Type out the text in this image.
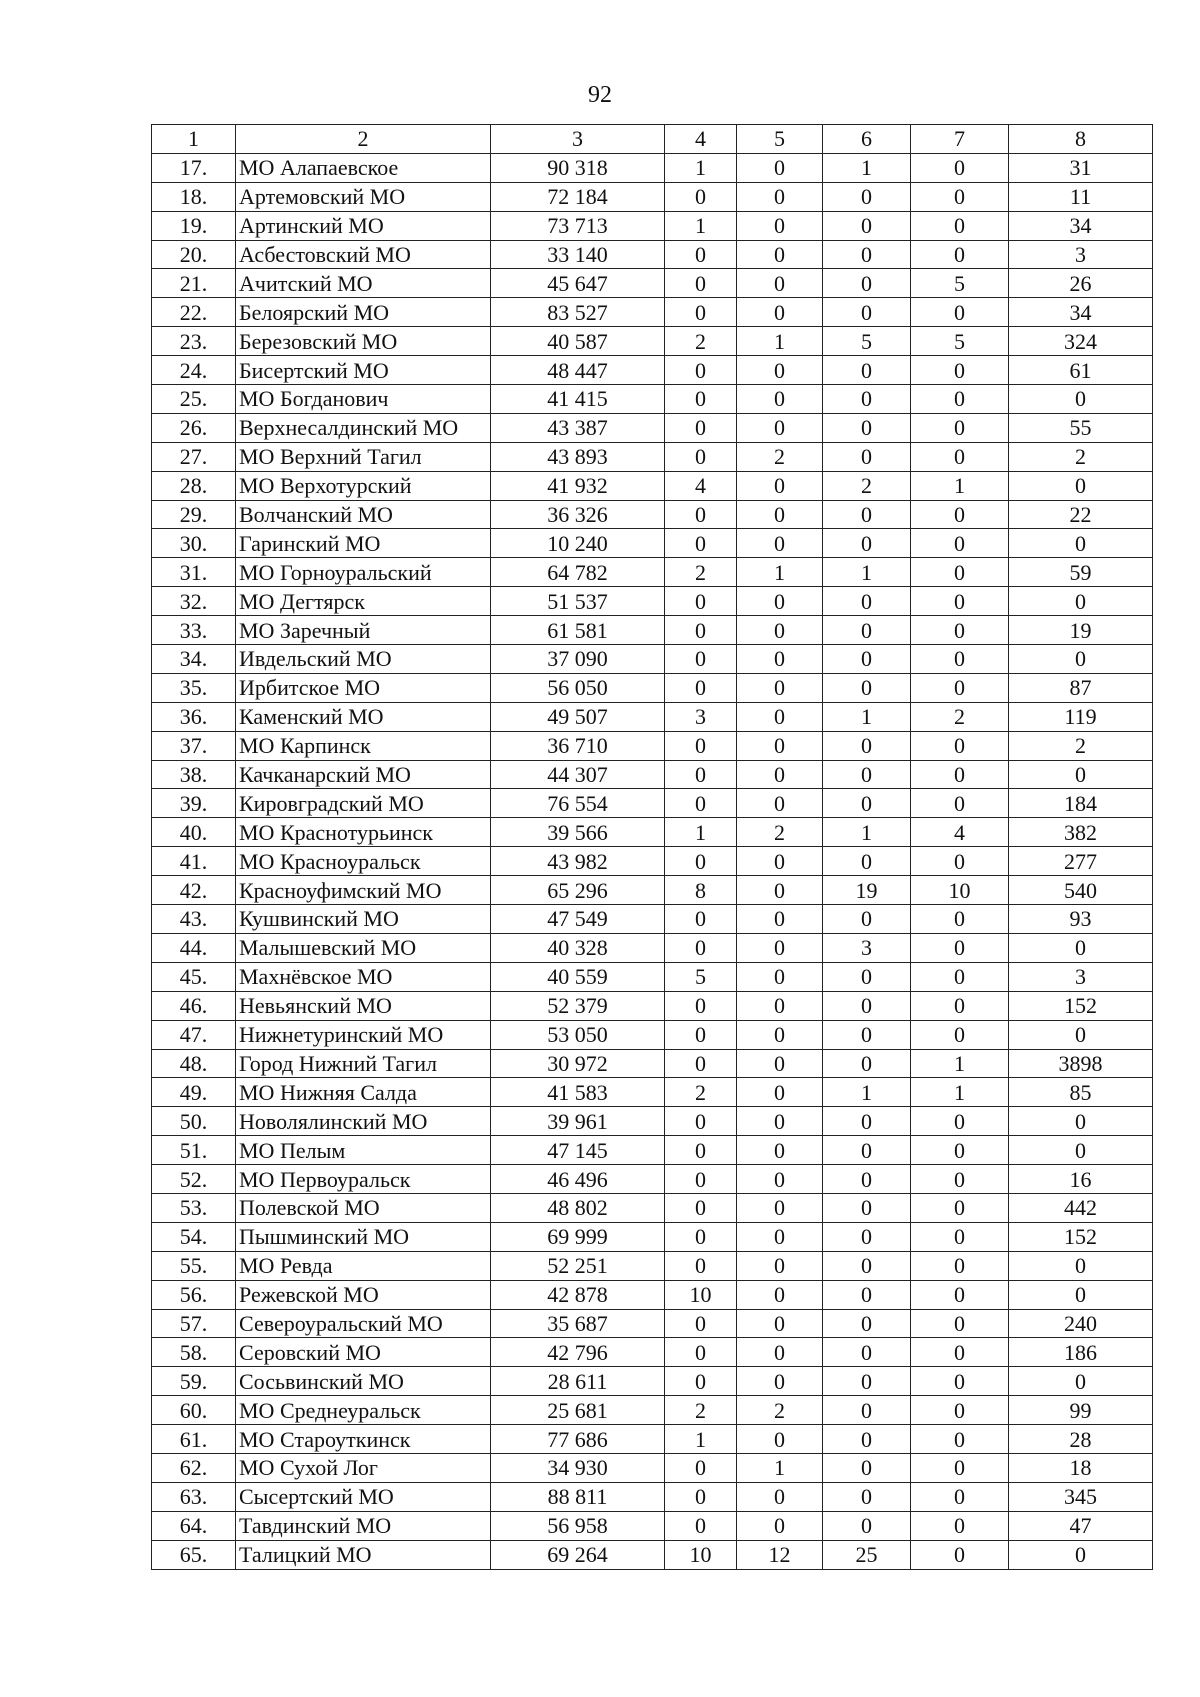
92
1	2	3	4	5	6	7	8
17.	МО Алапаевское	90 318	1	0	1	0	31
18.	Артемовский МО	72 184	0	0	0	0	11
19.	Артинский МО	73 713	1	0	0	0	34
20.	Асбестовский МО	33 140	0	0	0	0	3
21.	Ачитский МО	45 647	0	0	0	5	26
22.	Белоярский МО	83 527	0	0	0	0	34
23.	Березовский МО	40 587	2	1	5	5	324
24.	Бисертский МО	48 447	0	0	0	0	61
25.	МО Богданович	41 415	0	0	0	0	0
26.	Верхнесалдинский МО	43 387	0	0	0	0	55
27.	МО Верхний Тагил	43 893	0	2	0	0	2
28.	МО Верхотурский	41 932	4	0	2	1	0
29.	Волчанский МО	36 326	0	0	0	0	22
30.	Гаринский МО	10 240	0	0	0	0	0
31.	МО Горноуральский	64 782	2	1	1	0	59
32.	МО Дегтярск	51 537	0	0	0	0	0
33.	МО Заречный	61 581	0	0	0	0	19
34.	Ивдельский МО	37 090	0	0	0	0	0
35.	Ирбитское МО	56 050	0	0	0	0	87
36.	Каменский МО	49 507	3	0	1	2	119
37.	МО Карпинск	36 710	0	0	0	0	2
38.	Качканарский МО	44 307	0	0	0	0	0
39.	Кировградский МО	76 554	0	0	0	0	184
40.	МО Краснотурьинск	39 566	1	2	1	4	382
41.	МО Красноуральск	43 982	0	0	0	0	277
42.	Красноуфимский МО	65 296	8	0	19	10	540
43.	Кушвинский МО	47 549	0	0	0	0	93
44.	Малышевский МО	40 328	0	0	3	0	0
45.	Махнёвское МО	40 559	5	0	0	0	3
46.	Невьянский МО	52 379	0	0	0	0	152
47.	Нижнетуринский МО	53 050	0	0	0	0	0
48.	Город Нижний Тагил	30 972	0	0	0	1	3898
49.	МО Нижняя Салда	41 583	2	0	1	1	85
50.	Новолялинский МО	39 961	0	0	0	0	0
51.	МО Пелым	47 145	0	0	0	0	0
52.	МО Первоуральск	46 496	0	0	0	0	16
53.	Полевской МО	48 802	0	0	0	0	442
54.	Пышминский МО	69 999	0	0	0	0	152
55.	МО Ревда	52 251	0	0	0	0	0
56.	Режевской МО	42 878	10	0	0	0	0
57.	Североуральский МО	35 687	0	0	0	0	240
58.	Серовский МО	42 796	0	0	0	0	186
59.	Сосьвинский МО	28 611	0	0	0	0	0
60.	МО Среднеуральск	25 681	2	2	0	0	99
61.	МО Староуткинск	77 686	1	0	0	0	28
62.	МО Сухой Лог	34 930	0	1	0	0	18
63.	Сысертский МО	88 811	0	0	0	0	345
64.	Тавдинский МО	56 958	0	0	0	0	47
65.	Талицкий МО	69 264	10	12	25	0	0
